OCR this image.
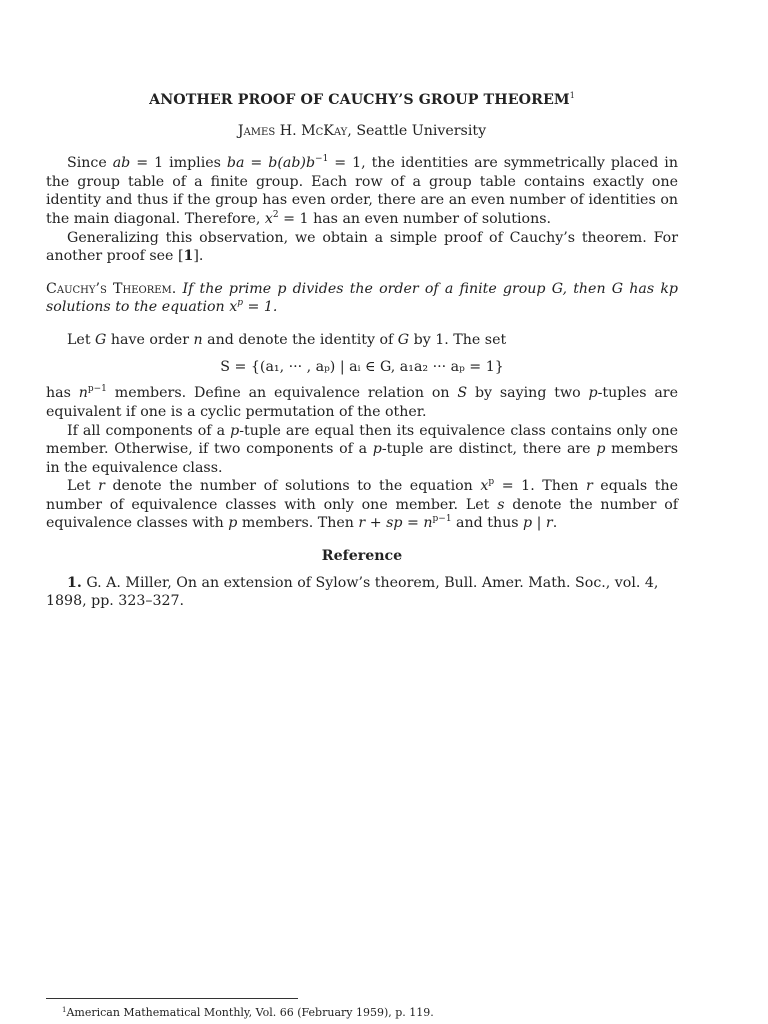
ANOTHER PROOF OF CAUCHY’S GROUP THEOREM$^1$
James H. McKay, Seattle University

Since ab = 1 implies ba = $b(ab)b^{-1} = 1$, the identities are symmetrically placed in the group table of a finite group. Each row of a group table contains exactly one identity and thus if the group has even order, there are an even number of identities on the main diagonal. Therefore, $x^2 = 1$ has an even number of solutions.

Generalizing this observation, we obtain a simple proof of Cauchy’s theorem. For another proof see [1].

Cauchy’s Theorem. If the prime p divides the order of a finite group G, then G has kp solutions to the equation $x^p = 1$.

Let G have order n and denote the identity of G by 1. The set

S = {(a₁, ··· , aₚ) | aᵢ ∈ G, a₁a₂ ··· aₚ = 1}

has $n^{p-1}$ members. Define an equivalence relation on S by saying two p-tuples are equivalent if one is a cyclic permutation of the other.

If all components of a p-tuple are equal then its equivalence class contains only one member. Otherwise, if two components of a p-tuple are distinct, there are p members in the equivalence class.

Let r denote the number of solutions to the equation $x^p = 1$. Then r equals the number of equivalence classes with only one member. Let s denote the number of equivalence classes with p members. Then r + sp = $n^{p-1}$ and thus p | r.

Reference
1. G. A. Miller, On an extension of Sylow’s theorem, Bull. Amer. Math. Soc., vol. 4, 1898, pp. 323–327.
$^1$American Mathematical Monthly, Vol. 66 (February 1959), p. 119.
